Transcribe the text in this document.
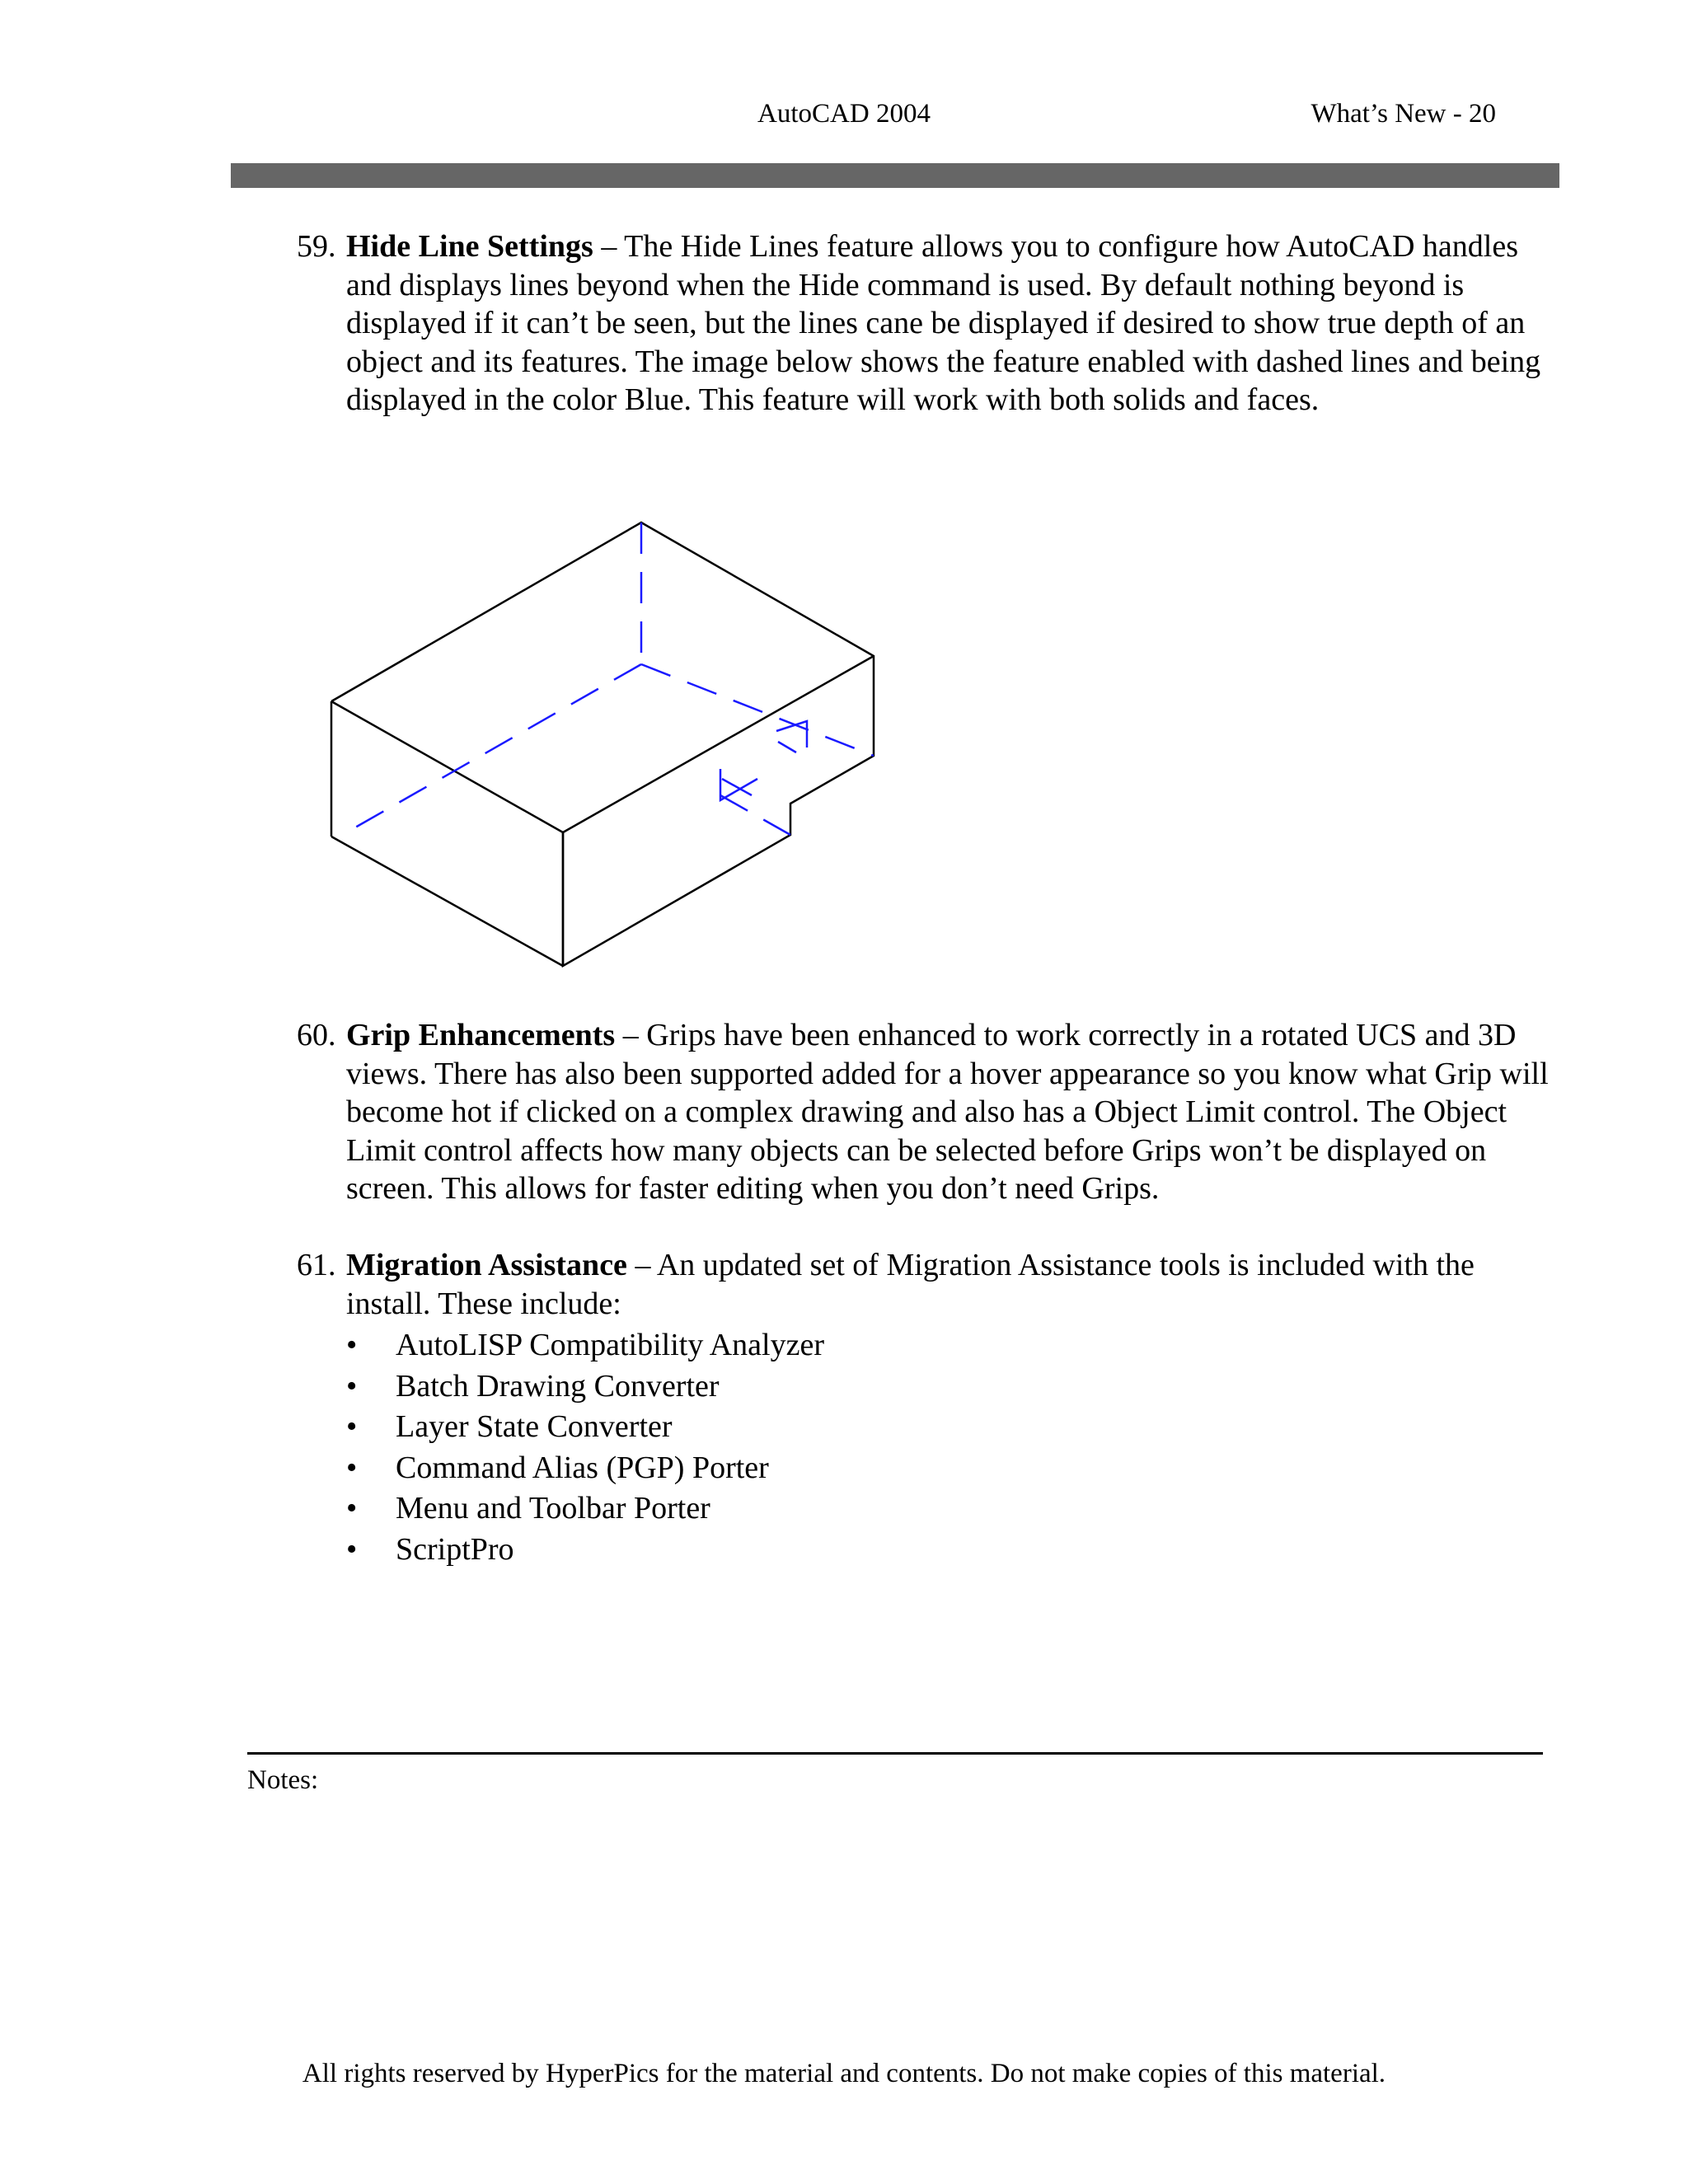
AutoCAD 2004	What’s New - 20
59. Hide Line Settings – The Hide Lines feature allows you to configure how AutoCAD handles and displays lines beyond when the Hide command is used. By default nothing beyond is displayed if it can’t be seen, but the lines cane be displayed if desired to show true depth of an object and its features. The image below shows the feature enabled with dashed lines and being displayed in the color Blue. This feature will work with both solids and faces.
60. Grip Enhancements – Grips have been enhanced to work correctly in a rotated UCS and 3D views. There has also been supported added for a hover appearance so you know what Grip will become hot if clicked on a complex drawing and also has a Object Limit control. The Object Limit control affects how many objects can be selected before Grips won’t be displayed on screen. This allows for faster editing when you don’t need Grips.
61. Migration Assistance – An updated set of Migration Assistance tools is included with the install. These include:
• AutoLISP Compatibility Analyzer
• Batch Drawing Converter
• Layer State Converter
• Command Alias (PGP) Porter
• Menu and Toolbar Porter
• ScriptPro
Notes:
All rights reserved by HyperPics for the material and contents. Do not make copies of this material.
